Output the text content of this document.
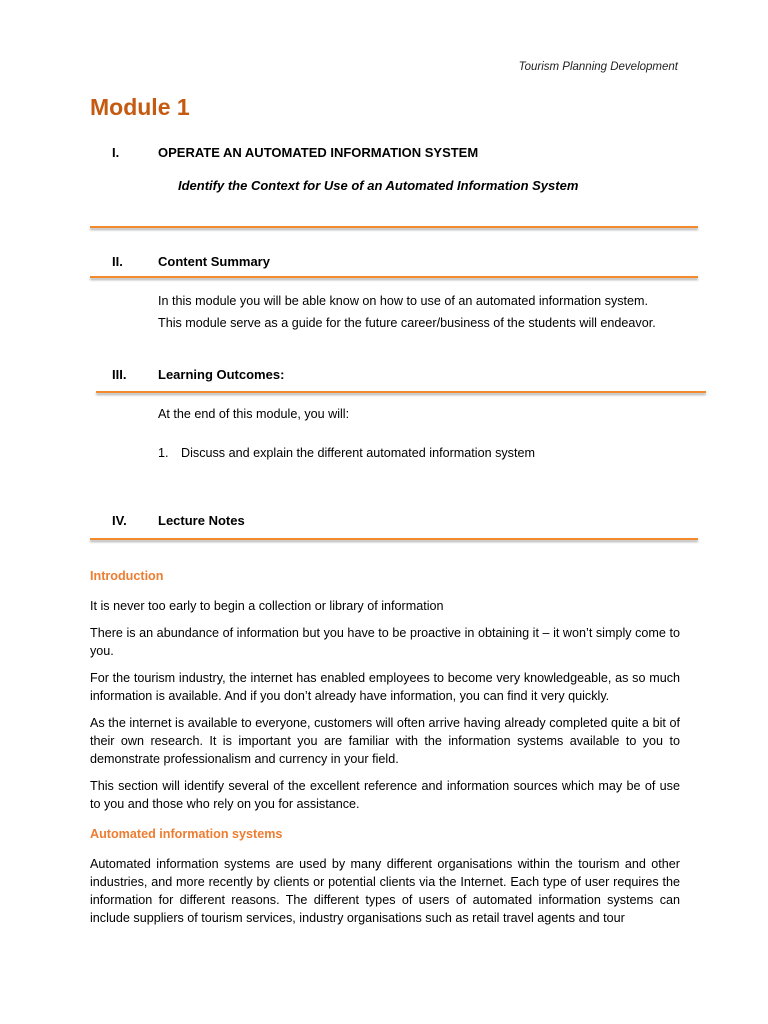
Tourism Planning Development
Module 1
I.	OPERATE AN AUTOMATED INFORMATION SYSTEM
Identify the Context for Use of an Automated Information System
II.	Content Summary

In this module you will be able know on how to use of an automated information system.

This module serve as a guide for the future career/business of the students will endeavor.

III. Learning Outcomes:

At the end of this module, you will:

1. Discuss and explain the different automated information system
IV. Lecture Notes
Introduction

It is never too early to begin a collection or library of information

There is an abundance of information but you have to be proactive in obtaining it – it won’t simply come to you.

For the tourism industry, the internet has enabled employees to become very knowledgeable, as so much information is available. And if you don’t already have information, you can find it very quickly.

As the internet is available to everyone, customers will often arrive having already completed quite a bit of their own research. It is important you are familiar with the information systems available to you to demonstrate professionalism and currency in your field.

This section will identify several of the excellent reference and information sources which may be of use to you and those who rely on you for assistance.

Automated information systems

Automated information systems are used by many different organisations within the tourism and other industries, and more recently by clients or potential clients via the Internet. Each type of user requires the information for different reasons. The different types of users of automated information systems can include suppliers of tourism services, industry organisations such as retail travel agents and tour
